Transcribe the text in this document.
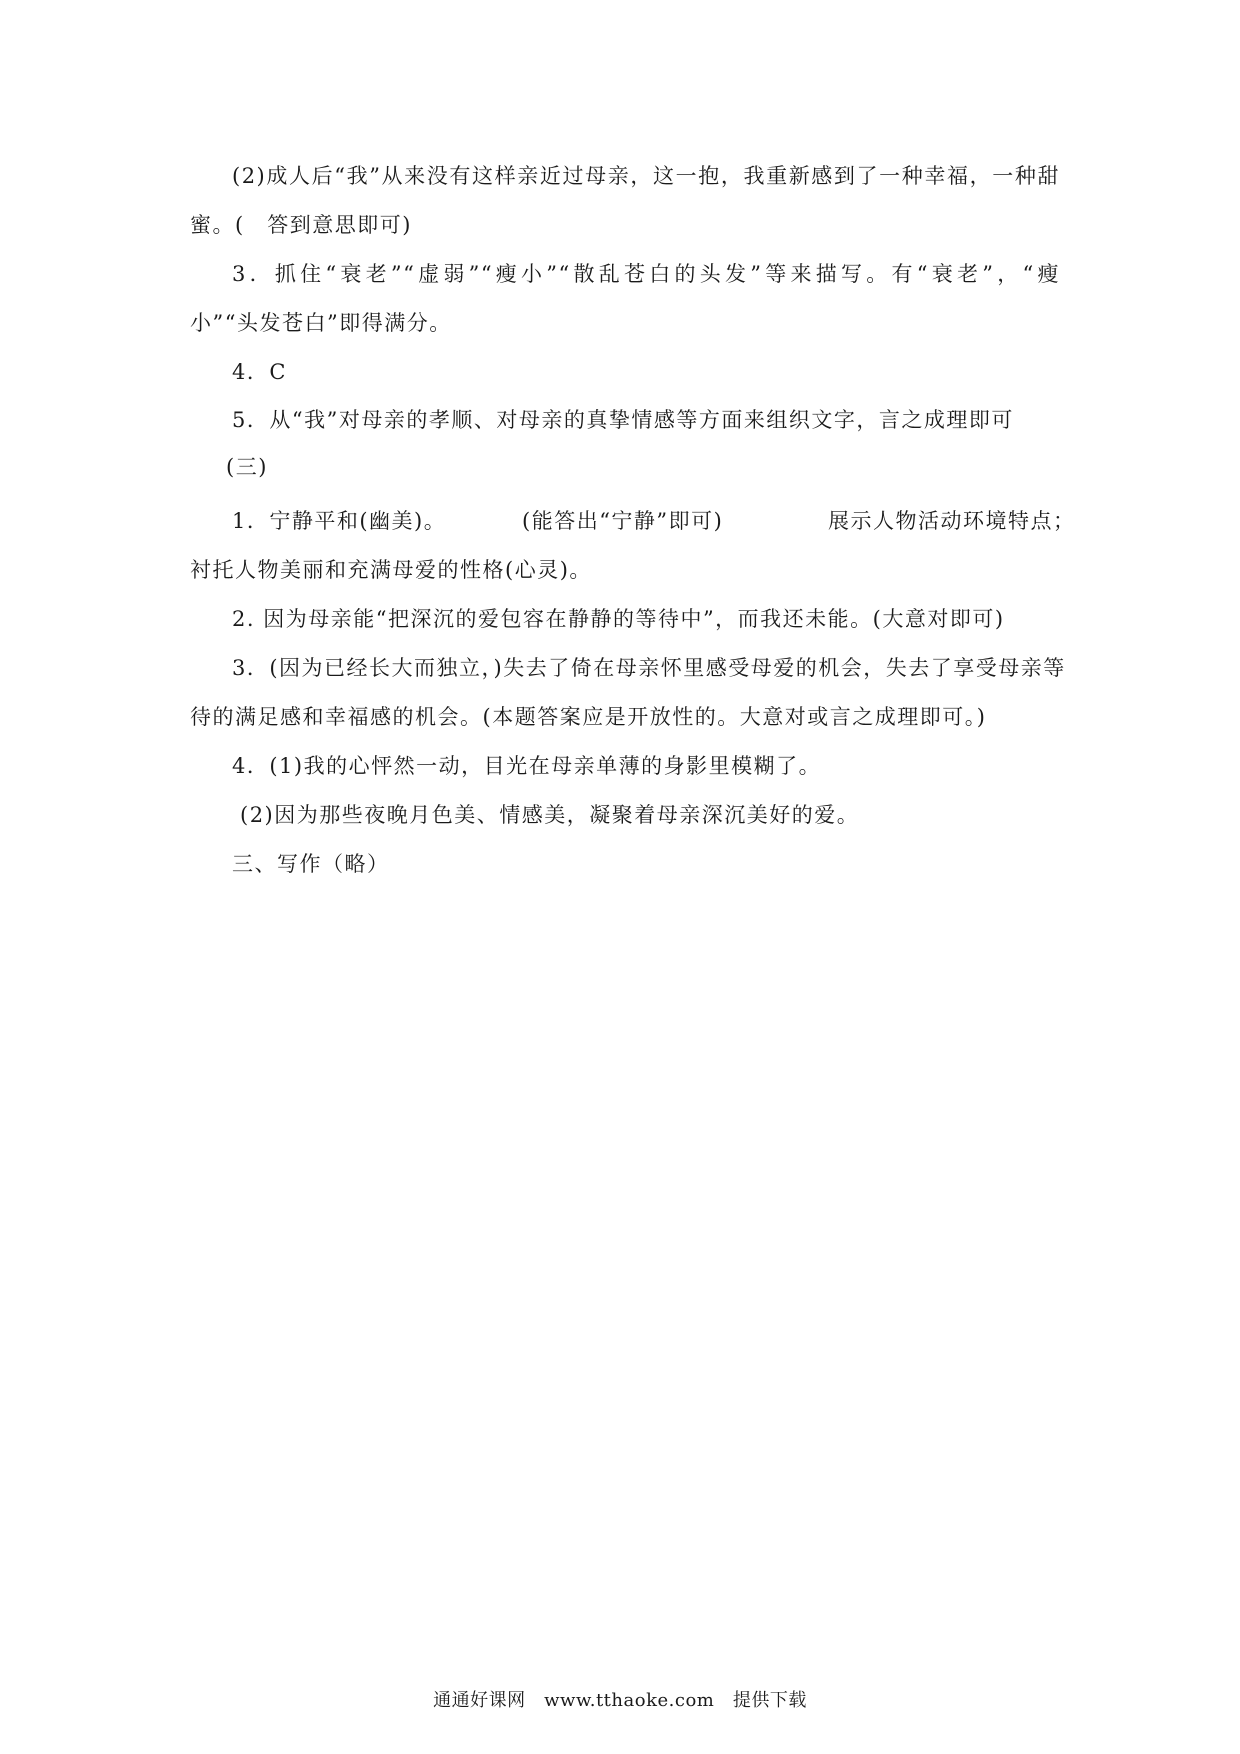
(2)成人后“我”从来没有这样亲近过母亲，这一抱，我重新感到了一种幸福，一种甜
蜜。(　答到意思即可)
3．抓住“衰老”“虚弱”“瘦小”“散乱苍白的头发”等来描写。有“衰老”，“瘦
小”“头发苍白”即得满分。
4．C
5．从“我”对母亲的孝顺、对母亲的真挚情感等方面来组织文字，言之成理即可
(三)
1．宁静平和(幽美)。	(能答出“宁静”即可)	展示人物活动环境特点；
衬托人物美丽和充满母爱的性格(心灵)。
2. 因为母亲能“把深沉的爱包容在静静的等待中”，而我还未能。(大意对即可)
3．(因为已经长大而独立，)失去了倚在母亲怀里感受母爱的机会，失去了享受母亲等
待的满足感和幸福感的机会。(本题答案应是开放性的。大意对或言之成理即可。)
4．(1)我的心怦然一动，目光在母亲单薄的身影里模糊了。
(2)因为那些夜晚月色美、情感美，凝聚着母亲深沉美好的爱。
三、写作（略）
通通好课网　www.tthaoke.com　提供下载
